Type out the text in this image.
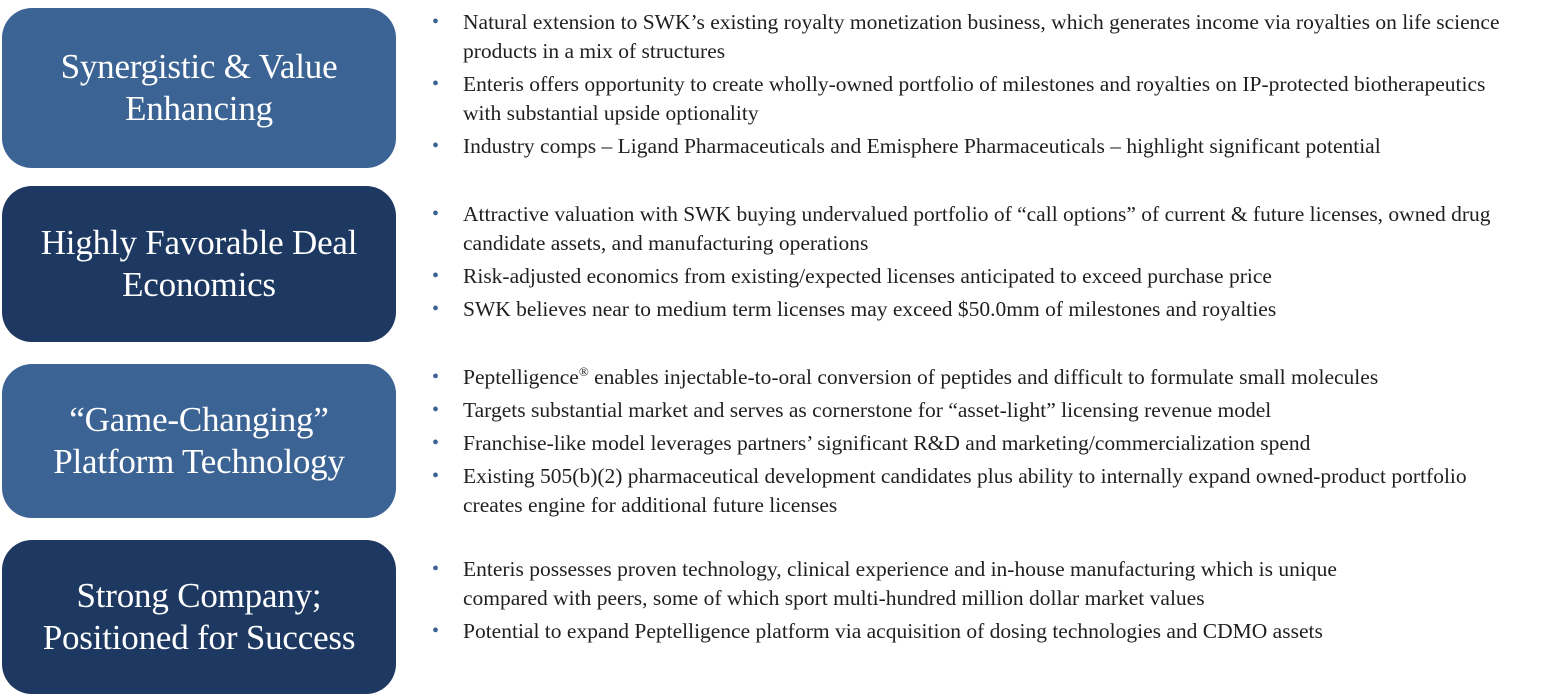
Synergistic & Value
Enhancing
• Natural extension to SWK’s existing royalty monetization business, which generates income via royalties on life science products in a mix of structures
• Enteris offers opportunity to create wholly-owned portfolio of milestones and royalties on IP-protected biotherapeutics with substantial upside optionality
• Industry comps – Ligand Pharmaceuticals and Emisphere Pharmaceuticals – highlight significant potential
Highly Favorable Deal
Economics
• Attractive valuation with SWK buying undervalued portfolio of “call options” of current & future licenses, owned drug candidate assets, and manufacturing operations
• Risk-adjusted economics from existing/expected licenses anticipated to exceed purchase price
• SWK believes near to medium term licenses may exceed $50.0mm of milestones and royalties
“Game-Changing”
Platform Technology
• Peptelligence® enables injectable-to-oral conversion of peptides and difficult to formulate small molecules
• Targets substantial market and serves as cornerstone for “asset-light” licensing revenue model
• Franchise-like model leverages partners’ significant R&D and marketing/commercialization spend
• Existing 505(b)(2) pharmaceutical development candidates plus ability to internally expand owned-product portfolio creates engine for additional future licenses
Strong Company;
Positioned for Success
• Enteris possesses proven technology, clinical experience and in-house manufacturing which is unique compared with peers, some of which sport multi-hundred million dollar market values
• Potential to expand Peptelligence platform via acquisition of dosing technologies and CDMO assets
